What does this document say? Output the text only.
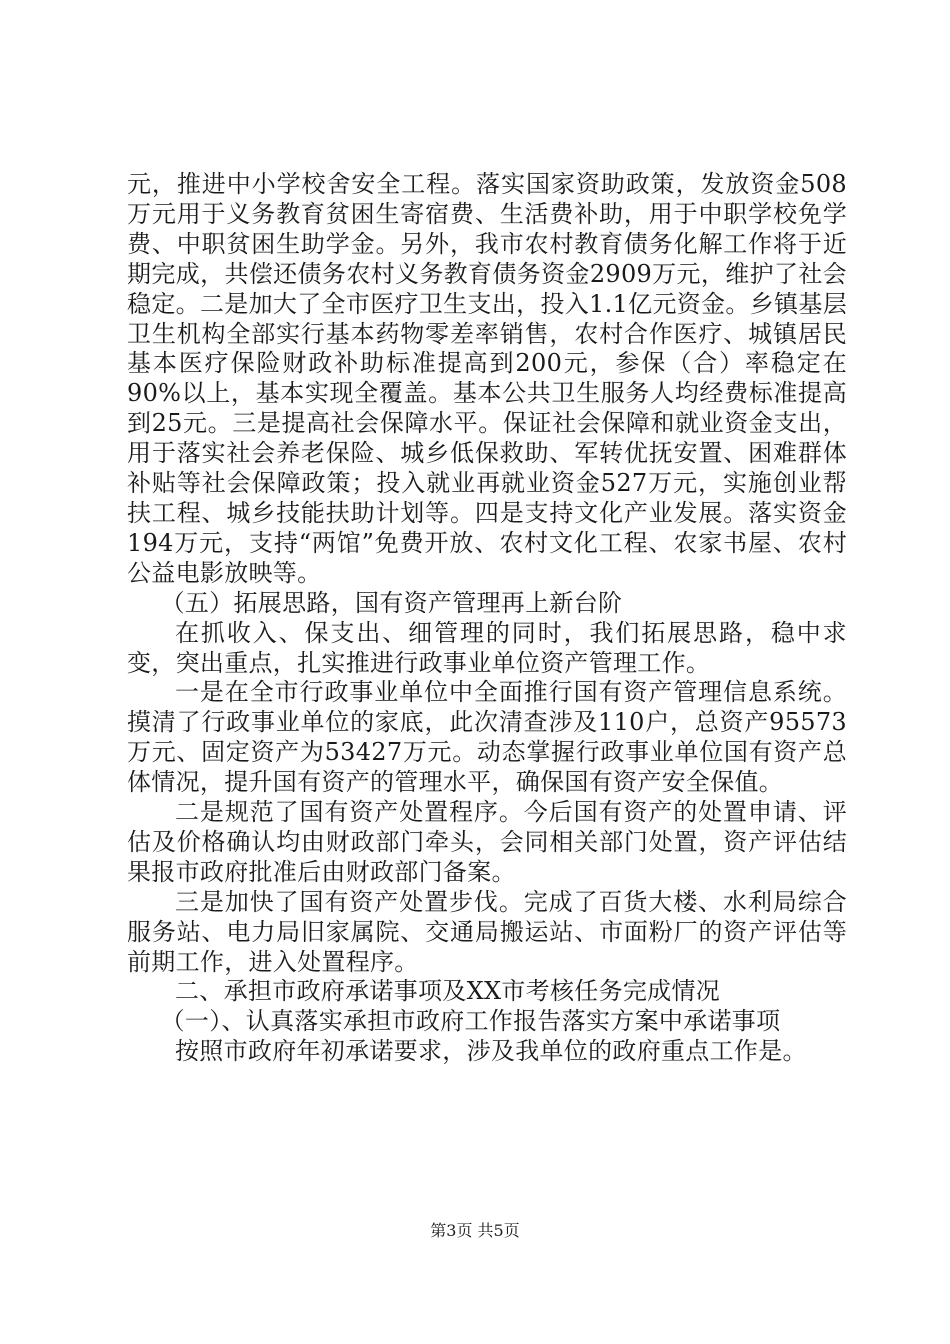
元，推进中小学校舍安全工程。落实国家资助政策，发放资金508万元用于义务教育贫困生寄宿费、生活费补助，用于中职学校免学费、中职贫困生助学金。另外，我市农村教育债务化解工作将于近期完成，共偿还债务农村义务教育债务资金2909万元，维护了社会稳定。二是加大了全市医疗卫生支出，投入1.1亿元资金。乡镇基层卫生机构全部实行基本药物零差率销售，农村合作医疗、城镇居民基本医疗保险财政补助标准提高到200元，参保（合）率稳定在90%以上，基本实现全覆盖。基本公共卫生服务人均经费标准提高到25元。三是提高社会保障水平。保证社会保障和就业资金支出，用于落实社会养老保险、城乡低保救助、军转优抚安置、困难群体补贴等社会保障政策；投入就业再就业资金527万元，实施创业帮扶工程、城乡技能扶助计划等。四是支持文化产业发展。落实资金194万元，支持“两馆”免费开放、农村文化工程、农家书屋、农村公益电影放映等。

（五）拓展思路，国有资产管理再上新台阶

在抓收入、保支出、细管理的同时，我们拓展思路，稳中求变，突出重点，扎实推进行政事业单位资产管理工作。

一是在全市行政事业单位中全面推行国有资产管理信息系统。摸清了行政事业单位的家底，此次清查涉及110户，总资产95573万元、固定资产为53427万元。动态掌握行政事业单位国有资产总体情况，提升国有资产的管理水平，确保国有资产安全保值。

二是规范了国有资产处置程序。今后国有资产的处置申请、评估及价格确认均由财政部门牵头，会同相关部门处置，资产评估结果报市政府批准后由财政部门备案。

三是加快了国有资产处置步伐。完成了百货大楼、水利局综合服务站、电力局旧家属院、交通局搬运站、市面粉厂的资产评估等前期工作，进入处置程序。

二、承担市政府承诺事项及XX市考核任务完成情况

（一）、认真落实承担市政府工作报告落实方案中承诺事项

按照市政府年初承诺要求，涉及我单位的政府重点工作是。

第3页 共5页
